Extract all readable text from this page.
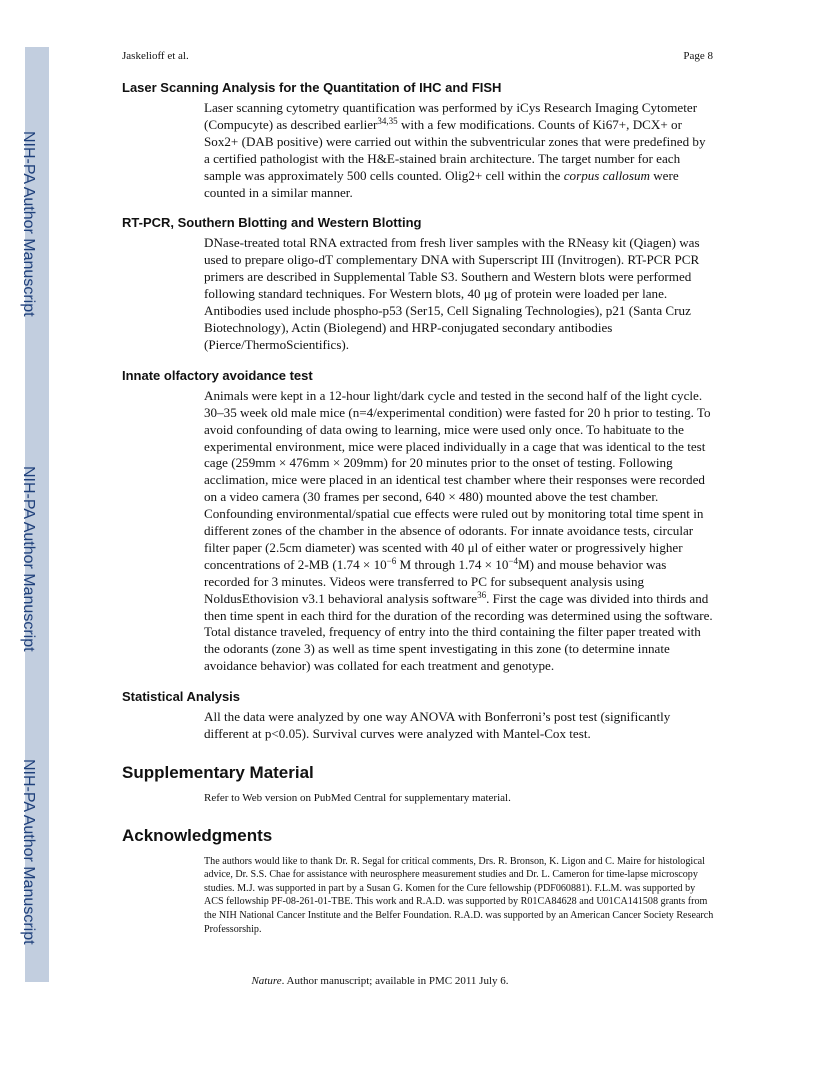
NIH-PA Author Manuscript
NIH-PA Author Manuscript
NIH-PA Author Manuscript
Jaskelioff et al.	Page 8
Laser Scanning Analysis for the Quantitation of IHC and FISH

Laser scanning cytometry quantification was performed by iCys Research Imaging Cytometer (Compucyte) as described earlier$^{34,35}$ with a few modifications. Counts of Ki67+, DCX+ or Sox2+ (DAB positive) were carried out within the subventricular zones that were predefined by a certified pathologist with the H&E-stained brain architecture. The target number for each sample was approximately 500 cells counted. Olig2+ cell within the corpus callosum were counted in a similar manner.

RT-PCR, Southern Blotting and Western Blotting

DNase-treated total RNA extracted from fresh liver samples with the RNeasy kit (Qiagen) was used to prepare oligo-dT complementary DNA with Superscript III (Invitrogen). RT-PCR PCR primers are described in Supplemental Table S3. Southern and Western blots were performed following standard techniques. For Western blots, 40 μg of protein were loaded per lane. Antibodies used include phospho-p53 (Ser15, Cell Signaling Technologies), p21 (Santa Cruz Biotechnology), Actin (Biolegend) and HRP-conjugated secondary antibodies (Pierce/ThermoScientifics).

Innate olfactory avoidance test

Animals were kept in a 12-hour light/dark cycle and tested in the second half of the light cycle. 30–35 week old male mice (n=4/experimental condition) were fasted for 20 h prior to testing. To avoid confounding of data owing to learning, mice were used only once. To habituate to the experimental environment, mice were placed individually in a cage that was identical to the test cage (259mm × 476mm × 209mm) for 20 minutes prior to the onset of testing. Following acclimation, mice were placed in an identical test chamber where their responses were recorded on a video camera (30 frames per second, 640 × 480) mounted above the test chamber. Confounding environmental/spatial cue effects were ruled out by monitoring total time spent in different zones of the chamber in the absence of odorants. For innate avoidance tests, circular filter paper (2.5cm diameter) was scented with 40 μl of either water or progressively higher concentrations of 2-MB ($1.74 \times 10^{-6}$ M through $1.74 \times 10^{-4}M$) and mouse behavior was recorded for 3 minutes. Videos were transferred to PC for subsequent analysis using NoldusEthovision v3.1 behavioral analysis software$^{36}$. First the cage was divided into thirds and then time spent in each third for the duration of the recording was determined using the software. Total distance traveled, frequency of entry into the third containing the filter paper treated with the odorants (zone 3) as well as time spent investigating in this zone (to determine innate avoidance behavior) was collated for each treatment and genotype.

Statistical Analysis

All the data were analyzed by one way ANOVA with Bonferroni’s post test (significantly different at p<0.05). Survival curves were analyzed with Mantel-Cox test.

Supplementary Material

Refer to Web version on PubMed Central for supplementary material.

Acknowledgments

The authors would like to thank Dr. R. Segal for critical comments, Drs. R. Bronson, K. Ligon and C. Maire for histological advice, Dr. S.S. Chae for assistance with neurosphere measurement studies and Dr. L. Cameron for time-lapse microscopy studies. M.J. was supported in part by a Susan G. Komen for the Cure fellowship (PDF060881). F.L.M. was supported by ACS fellowship PF-08-261-01-TBE. This work and R.A.D. was supported by R01CA84628 and U01CA141508 grants from the NIH National Cancer Institute and the Belfer Foundation. R.A.D. was supported by an American Cancer Society Research Professorship.

Nature. Author manuscript; available in PMC 2011 July 6.
